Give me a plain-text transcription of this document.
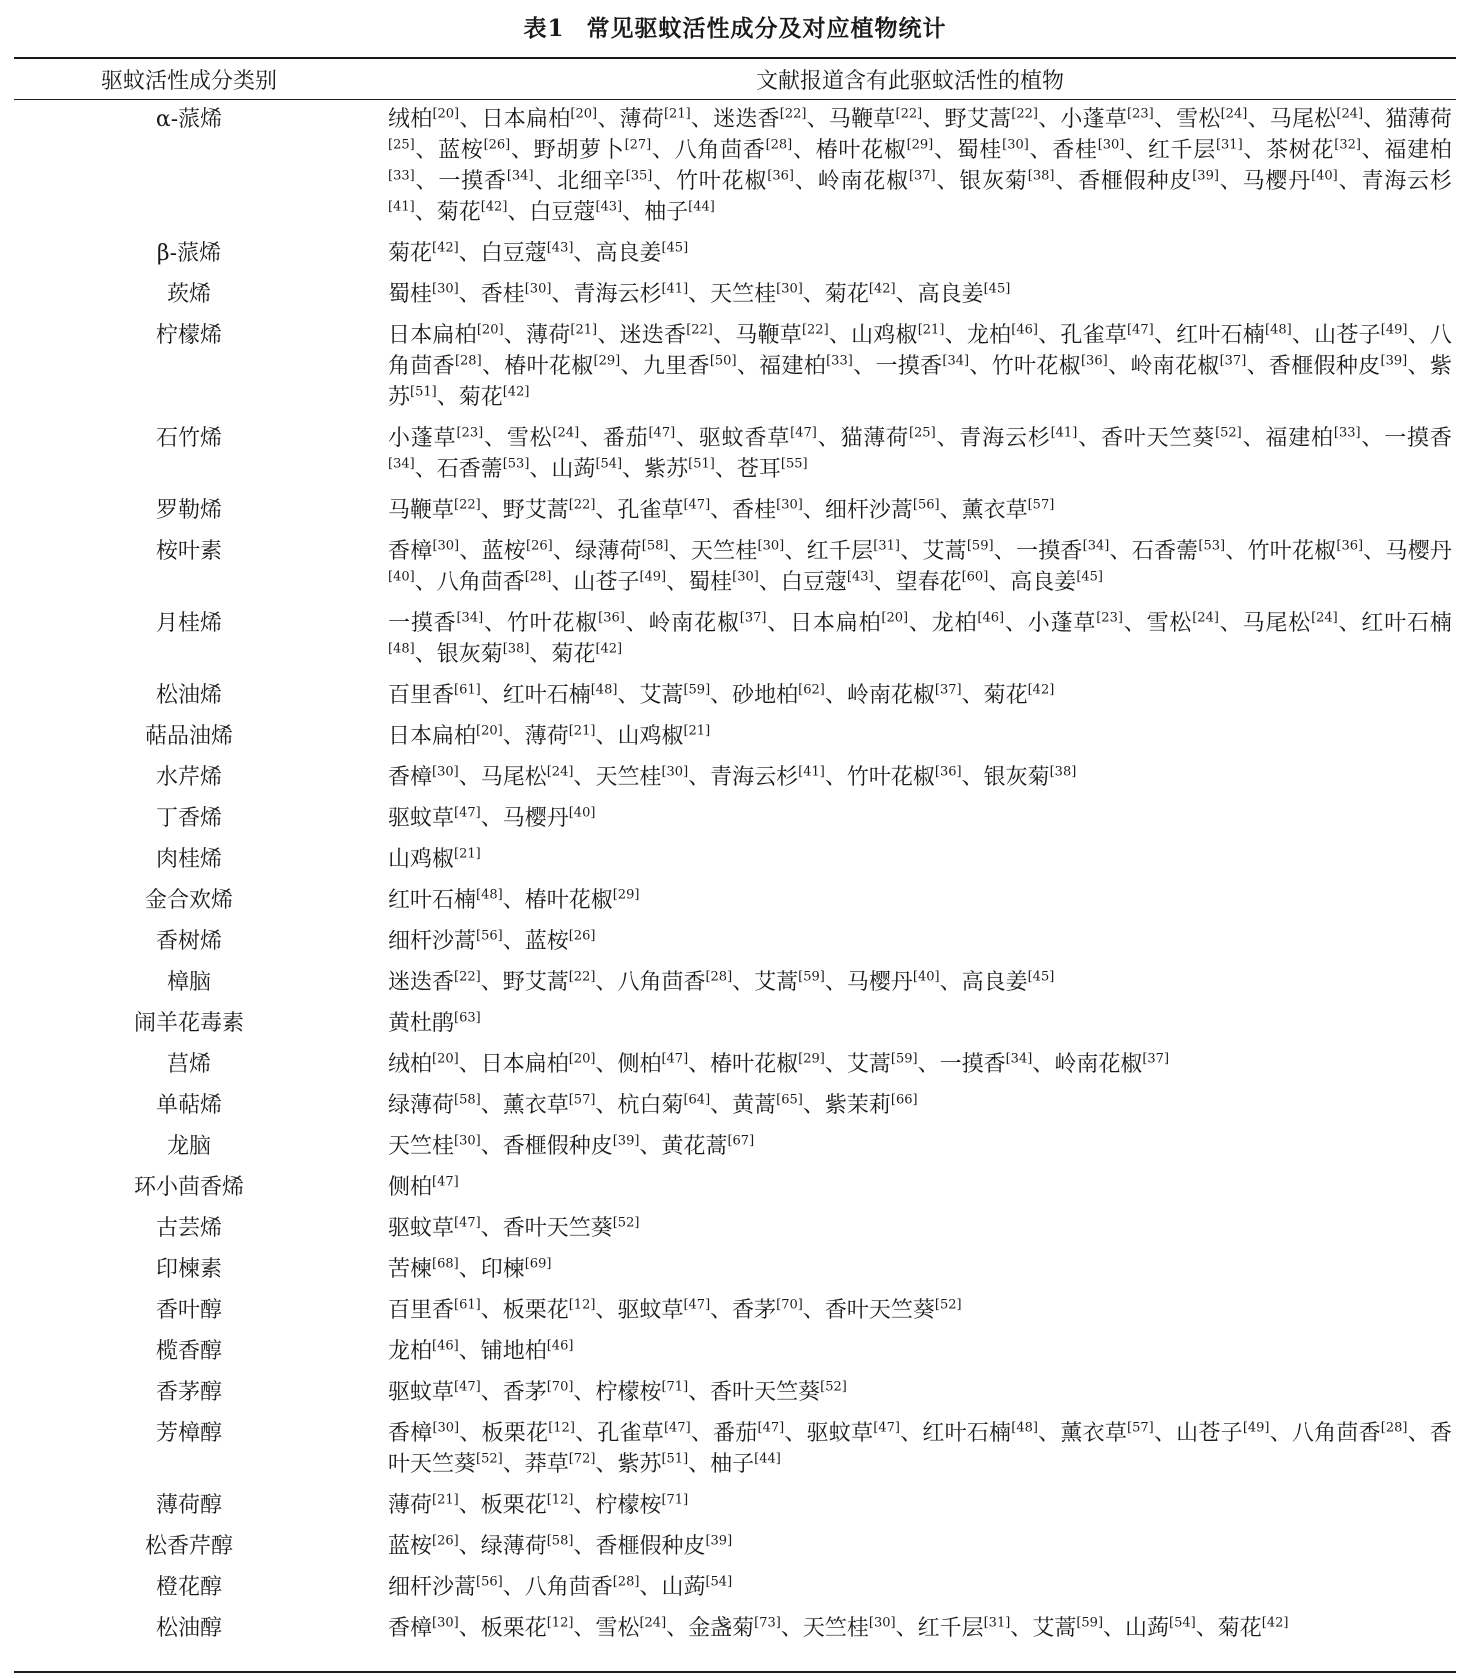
表1 常见驱蚊活性成分及对应植物统计
驱蚊活性成分类别	文献报道含有此驱蚊活性的植物
α-蒎烯	绒柏[20]、日本扁柏[20]、薄荷[21]、迷迭香[22]、马鞭草[22]、野艾蒿[22]、小蓬草[23]、雪松[24]、马尾松[24]、猫薄荷[25]、蓝桉[26]、野胡萝卜[27]、八角茴香[28]、椿叶花椒[29]、蜀桂[30]、香桂[30]、红千层[31]、茶树花[32]、福建柏[33]、一摸香[34]、北细辛[35]、竹叶花椒[36]、岭南花椒[37]、银灰菊[38]、香榧假种皮[39]、马樱丹[40]、青海云杉[41]、菊花[42]、白豆蔻[43]、柚子[44]
β-蒎烯	菊花[42]、白豆蔻[43]、高良姜[45]
莰烯	蜀桂[30]、香桂[30]、青海云杉[41]、天竺桂[30]、菊花[42]、高良姜[45]
柠檬烯	日本扁柏[20]、薄荷[21]、迷迭香[22]、马鞭草[22]、山鸡椒[21]、龙柏[46]、孔雀草[47]、红叶石楠[48]、山苍子[49]、八角茴香[28]、椿叶花椒[29]、九里香[50]、福建柏[33]、一摸香[34]、竹叶花椒[36]、岭南花椒[37]、香榧假种皮[39]、紫苏[51]、菊花[42]
石竹烯	小蓬草[23]、雪松[24]、番茄[47]、驱蚊香草[47]、猫薄荷[25]、青海云杉[41]、香叶天竺葵[52]、福建柏[33]、一摸香[34]、石香薷[53]、山蒟[54]、紫苏[51]、苍耳[55]
罗勒烯	马鞭草[22]、野艾蒿[22]、孔雀草[47]、香桂[30]、细杆沙蒿[56]、薰衣草[57]
桉叶素	香樟[30]、蓝桉[26]、绿薄荷[58]、天竺桂[30]、红千层[31]、艾蒿[59]、一摸香[34]、石香薷[53]、竹叶花椒[36]、马樱丹[40]、八角茴香[28]、山苍子[49]、蜀桂[30]、白豆蔻[43]、望春花[60]、高良姜[45]
月桂烯	一摸香[34]、竹叶花椒[36]、岭南花椒[37]、日本扁柏[20]、龙柏[46]、小蓬草[23]、雪松[24]、马尾松[24]、红叶石楠[48]、银灰菊[38]、菊花[42]
松油烯	百里香[61]、红叶石楠[48]、艾蒿[59]、砂地柏[62]、岭南花椒[37]、菊花[42]
萜品油烯	日本扁柏[20]、薄荷[21]、山鸡椒[21]
水芹烯	香樟[30]、马尾松[24]、天竺桂[30]、青海云杉[41]、竹叶花椒[36]、银灰菊[38]
丁香烯	驱蚊草[47]、马樱丹[40]
肉桂烯	山鸡椒[21]
金合欢烯	红叶石楠[48]、椿叶花椒[29]
香树烯	细杆沙蒿[56]、蓝桉[26]
樟脑	迷迭香[22]、野艾蒿[22]、八角茴香[28]、艾蒿[59]、马樱丹[40]、高良姜[45]
闹羊花毒素	黄杜鹃[63]
莒烯	绒柏[20]、日本扁柏[20]、侧柏[47]、椿叶花椒[29]、艾蒿[59]、一摸香[34]、岭南花椒[37]
单萜烯	绿薄荷[58]、薰衣草[57]、杭白菊[64]、黄蒿[65]、紫茉莉[66]
龙脑	天竺桂[30]、香榧假种皮[39]、黄花蒿[67]
环小茴香烯	侧柏[47]
古芸烯	驱蚊草[47]、香叶天竺葵[52]
印楝素	苦楝[68]、印楝[69]
香叶醇	百里香[61]、板栗花[12]、驱蚊草[47]、香茅[70]、香叶天竺葵[52]
榄香醇	龙柏[46]、铺地柏[46]
香茅醇	驱蚊草[47]、香茅[70]、柠檬桉[71]、香叶天竺葵[52]
芳樟醇	香樟[30]、板栗花[12]、孔雀草[47]、番茄[47]、驱蚊草[47]、红叶石楠[48]、薰衣草[57]、山苍子[49]、八角茴香[28]、香叶天竺葵[52]、莽草[72]、紫苏[51]、柚子[44]
薄荷醇	薄荷[21]、板栗花[12]、柠檬桉[71]
松香芹醇	蓝桉[26]、绿薄荷[58]、香榧假种皮[39]
橙花醇	细杆沙蒿[56]、八角茴香[28]、山蒟[54]
松油醇	香樟[30]、板栗花[12]、雪松[24]、金盏菊[73]、天竺桂[30]、红千层[31]、艾蒿[59]、山蒟[54]、菊花[42]
